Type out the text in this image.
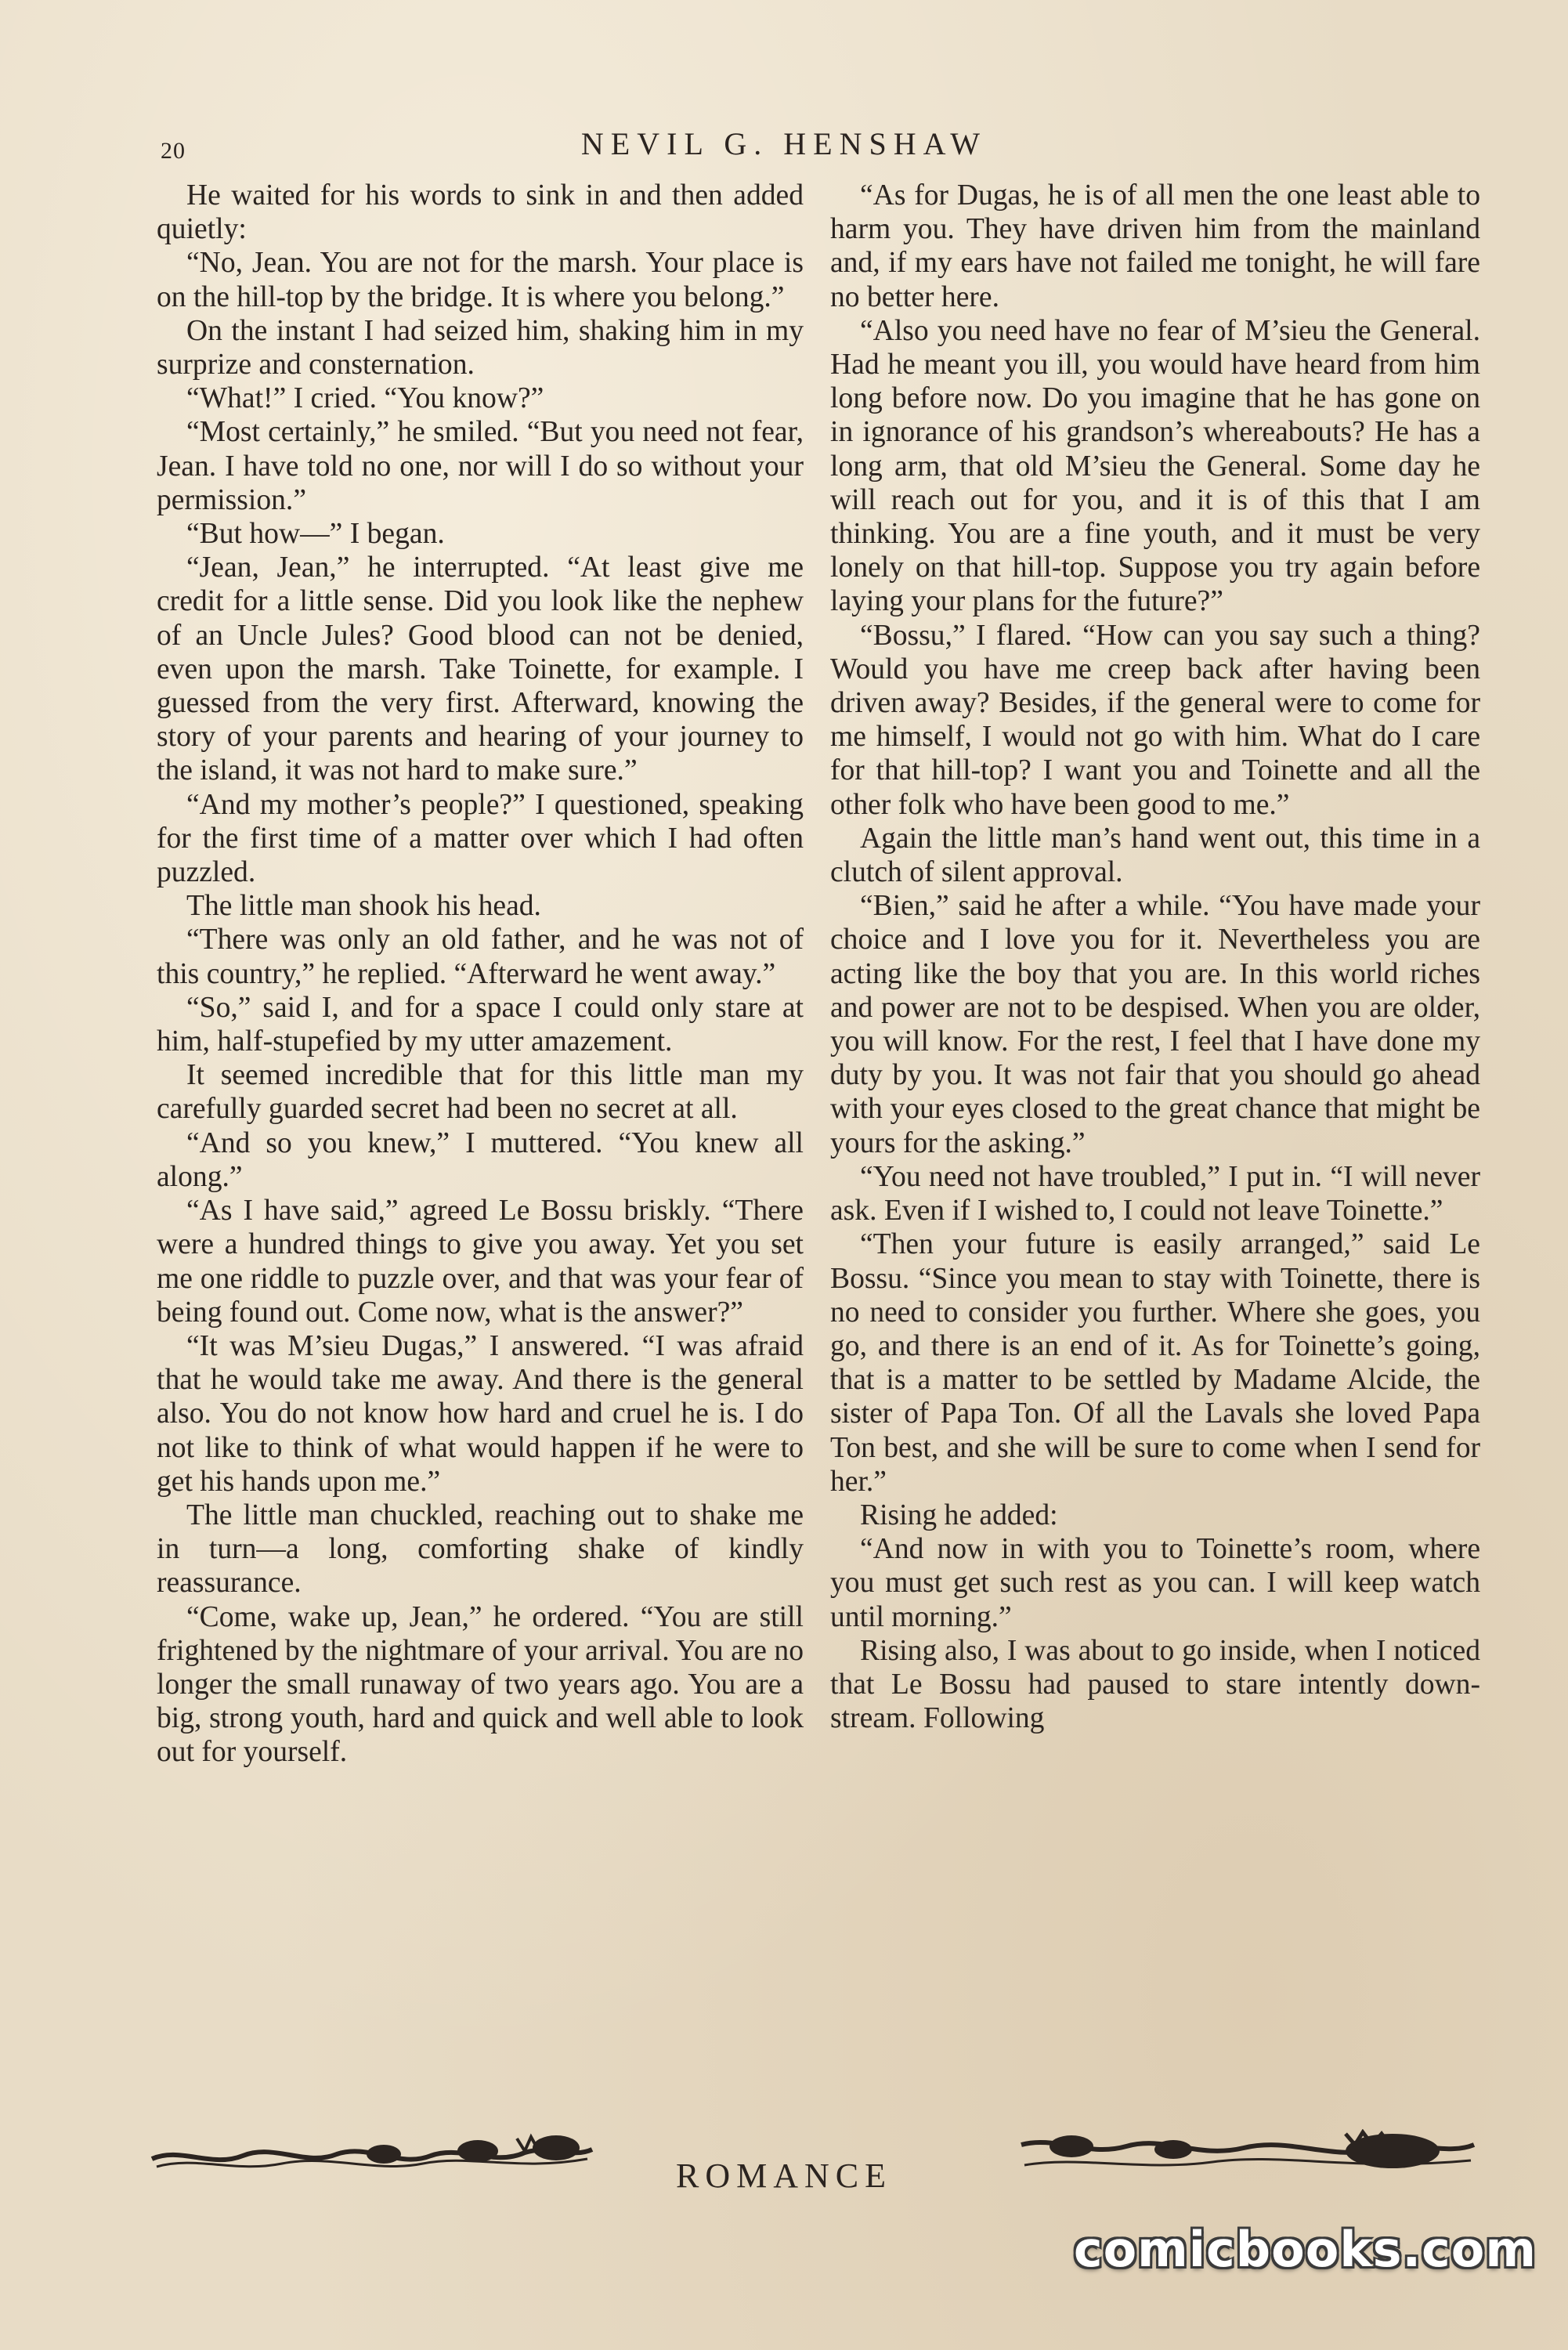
20	NEVIL G. HENSHAW

He waited for his words to sink in and then added quietly:

“No, Jean. You are not for the marsh. Your place is on the hill-top by the bridge. It is where you belong.”

On the instant I had seized him, shaking him in my surprize and consternation.

“What!” I cried. “You know?”

“Most certainly,” he smiled. “But you need not fear, Jean. I have told no one, nor will I do so without your permission.”

“But how—” I began.

“Jean, Jean,” he interrupted. “At least give me credit for a little sense. Did you look like the nephew of an Uncle Jules? Good blood can not be denied, even upon the marsh. Take Toinette, for example. I guessed from the very first. Afterward, knowing the story of your parents and hearing of your journey to the island, it was not hard to make sure.”

“And my mother’s people?” I questioned, speaking for the first time of a matter over which I had often puzzled.

The little man shook his head.

“There was only an old father, and he was not of this country,” he replied. “Afterward he went away.”

“So,” said I, and for a space I could only stare at him, half-stupefied by my utter amazement.

It seemed incredible that for this little man my carefully guarded secret had been no secret at all.

“And so you knew,” I muttered. “You knew all along.”

“As I have said,” agreed Le Bossu briskly. “There were a hundred things to give you away. Yet you set me one riddle to puzzle over, and that was your fear of being found out. Come now, what is the answer?”

“It was M’sieu Dugas,” I answered. “I was afraid that he would take me away. And there is the general also. You do not know how hard and cruel he is. I do not like to think of what would happen if he were to get his hands upon me.”

The little man chuckled, reaching out to shake me in turn—a long, comforting shake of kindly reassurance.

“Come, wake up, Jean,” he ordered. “You are still frightened by the nightmare of your arrival. You are no longer the small runaway of two years ago. You are a big, strong youth, hard and quick and well able to look out for yourself.

“As for Dugas, he is of all men the one least able to harm you. They have driven him from the mainland and, if my ears have not failed me tonight, he will fare no better here.

“Also you need have no fear of M’sieu the General. Had he meant you ill, you would have heard from him long before now. Do you imagine that he has gone on in ignorance of his grandson’s whereabouts? He has a long arm, that old M’sieu the General. Some day he will reach out for you, and it is of this that I am thinking. You are a fine youth, and it must be very lonely on that hill-top. Suppose you try again before laying your plans for the future?”

“Bossu,” I flared. “How can you say such a thing? Would you have me creep back after having been driven away? Besides, if the general were to come for me himself, I would not go with him. What do I care for that hill-top? I want you and Toinette and all the other folk who have been good to me.”

Again the little man’s hand went out, this time in a clutch of silent approval.

“Bien,” said he after a while. “You have made your choice and I love you for it. Nevertheless you are acting like the boy that you are. In this world riches and power are not to be despised. When you are older, you will know. For the rest, I feel that I have done my duty by you. It was not fair that you should go ahead with your eyes closed to the great chance that might be yours for the asking.”

“You need not have troubled,” I put in. “I will never ask. Even if I wished to, I could not leave Toinette.”

“Then your future is easily arranged,” said Le Bossu. “Since you mean to stay with Toinette, there is no need to consider you further. Where she goes, you go, and there is an end of it. As for Toinette’s going, that is a matter to be settled by Madame Alcide, the sister of Papa Ton. Of all the Lavals she loved Papa Ton best, and she will be sure to come when I send for her.”

Rising he added:

“And now in with you to Toinette’s room, where you must get such rest as you can. I will keep watch until morning.”

Rising also, I was about to go inside, when I noticed that Le Bossu had paused to stare intently down-stream. Following

ROMANCE
comicbooks.com
